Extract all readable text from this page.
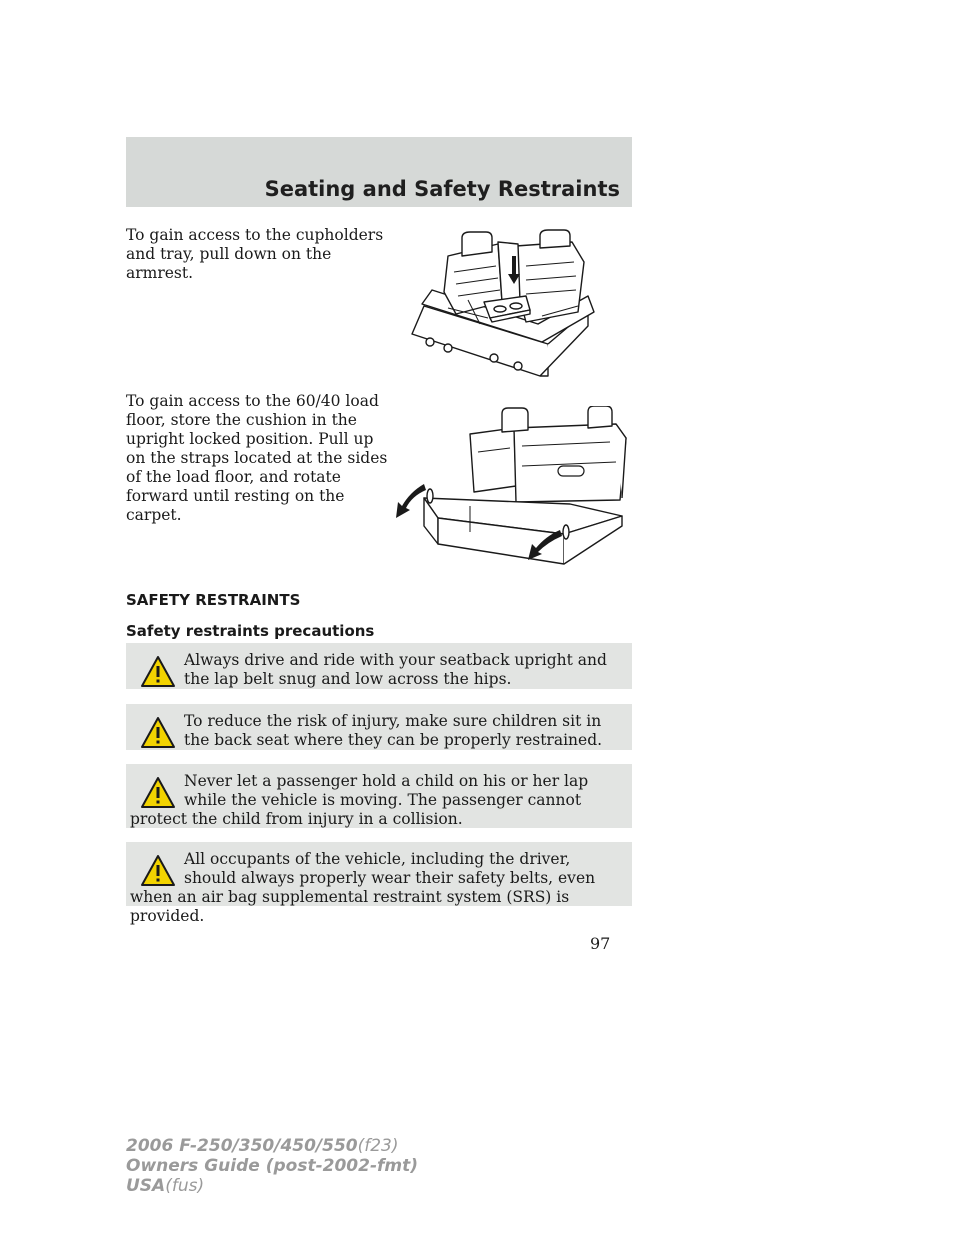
Seating and Safety Restraints

To gain access to the cupholders and tray, pull down on the armrest.

To gain access to the 60/40 load floor, store the cushion in the upright locked position. Pull up on the straps located at the sides of the load floor, and rotate forward until resting on the carpet.

SAFETY RESTRAINTS
Safety restraints precautions
Always drive and ride with your seatback upright and the lap belt snug and low across the hips.
To reduce the risk of injury, make sure children sit in the back seat where they can be properly restrained.
Never let a passenger hold a child on his or her lap while the vehicle is moving. The passenger cannot protect the child from injury in a collision.
All occupants of the vehicle, including the driver, should always properly wear their safety belts, even when an air bag supplemental restraint system (SRS) is provided.
97
2006 F-250/350/450/550(f23)
Owners Guide (post-2002-fmt)
USA(fus)
